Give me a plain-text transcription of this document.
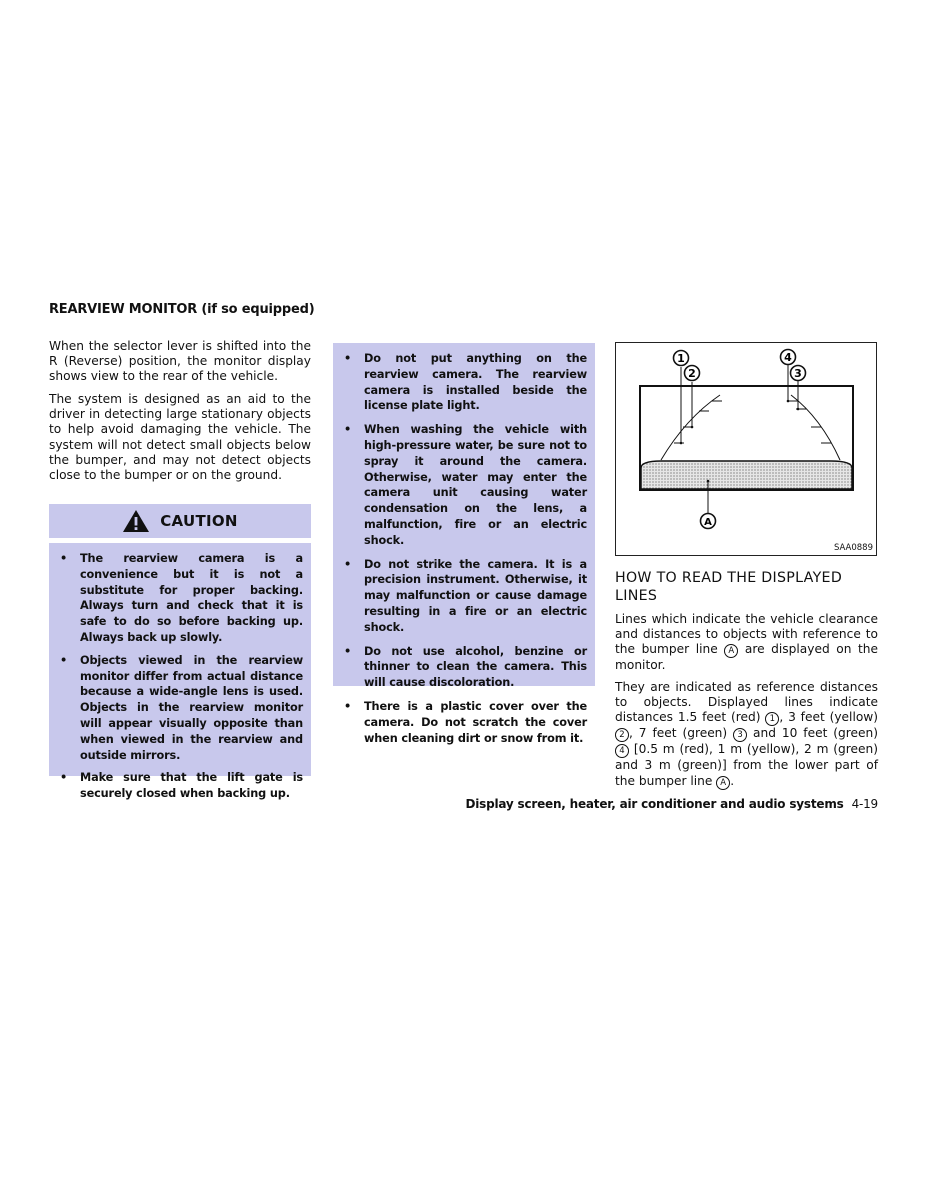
REARVIEW MONITOR (if so equipped)

When the selector lever is shifted into the R (Reverse) position, the monitor display shows view to the rear of the vehicle.

The system is designed as an aid to the driver in detecting large stationary objects to help avoid damaging the vehicle. The system will not detect small objects below the bumper, and may not detect objects close to the bumper or on the ground.

CAUTION
• The rearview camera is a convenience but it is not a substitute for proper backing. Always turn and check that it is safe to do so before backing up. Always back up slowly.
• Objects viewed in the rearview monitor differ from actual distance because a wide-angle lens is used. Objects in the rearview monitor will appear visually opposite than when viewed in the rearview and outside mirrors.
• Make sure that the lift gate is securely closed when backing up.
• Do not put anything on the rearview camera. The rearview camera is installed beside the license plate light.
• When washing the vehicle with high-pressure water, be sure not to spray it around the camera. Otherwise, water may enter the camera unit causing water condensation on the lens, a malfunction, fire or an electric shock.
• Do not strike the camera. It is a precision instrument. Otherwise, it may malfunction or cause damage resulting in a fire or an electric shock.
• Do not use alcohol, benzine or thinner to clean the camera. This will cause discoloration.
• There is a plastic cover over the camera. Do not scratch the cover when cleaning dirt or snow from it.
1
2	3
4
A
SAA0889
HOW TO READ THE DISPLAYED LINES

Lines which indicate the vehicle clearance and distances to objects with reference to the bumper line A are displayed on the monitor.

They are indicated as reference distances to objects. Displayed lines indicate distances 1.5 feet (red) 1 , 3 feet (yellow) 2 , 7 feet (green) 3 and 10 feet (green) 4 [0.5 m (red), 1 m (yellow), 2 m (green) and 3 m (green)] from the lower part of the bumper line A .

Display screen, heater, air conditioner and audio systems 4-19
